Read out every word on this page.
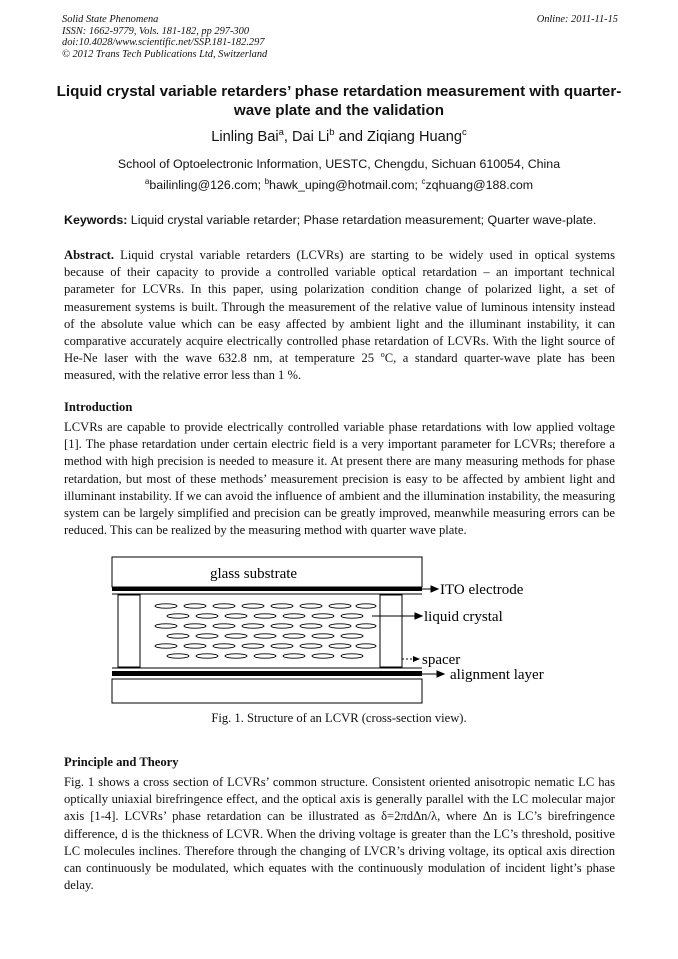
Solid State Phenomena
ISSN: 1662-9779, Vols. 181-182, pp 297-300
doi:10.4028/www.scientific.net/SSP.181-182.297
© 2012 Trans Tech Publications Ltd, Switzerland
Online: 2011-11-15
Liquid crystal variable retarders’ phase retardation measurement with quarter-wave plate and the validation
Linling Bai$^a$, Dai Li$^b$ and Ziqiang Huang$^c$
School of Optoelectronic Information, UESTC, Chengdu, Sichuan 610054, China
$^a$bailinling@126.com; $^b$hawk_uping@hotmail.com; $^c$zqhuang@188.com
Keywords: Liquid crystal variable retarder; Phase retardation measurement; Quarter wave-plate.
Abstract. Liquid crystal variable retarders (LCVRs) are starting to be widely used in optical systems because of their capacity to provide a controlled variable optical retardation – an important technical parameter for LCVRs. In this paper, using polarization condition change of polarized light, a set of measurement systems is built. Through the measurement of the relative value of luminous intensity instead of the absolute value which can be easy affected by ambient light and the illuminant instability, it can comparative accurately acquire electrically controlled phase retardation of LCVRs. With the light source of He-Ne laser with the wave 632.8 nm, at temperature 25 $^o$C, a standard quarter-wave plate has been measured, with the relative error less than 1 %.
Introduction
LCVRs are capable to provide electrically controlled variable phase retardations with low applied voltage [1]. The phase retardation under certain electric field is a very important parameter for LCVRs; therefore a method with high precision is needed to measure it. At present there are many measuring methods for phase retardation, but most of these methods’ measurement precision is easy to be affected by ambient light and illuminant instability. If we can avoid the influence of ambient and the illumination instability, the measuring system can be largely simplified and precision can be greatly improved, meanwhile measuring errors can be reduced. This can be realized by the measuring method with quarter wave plate.
glass substrate
ITO electrode
liquid crystal
spacer
alignment layer
Fig. 1. Structure of an LCVR (cross-section view).
Principle and Theory
Fig. 1 shows a cross section of LCVRs’ common structure. Consistent oriented anisotropic nematic LC has optically uniaxial birefringence effect, and the optical axis is generally parallel with the LC molecular major axis [1-4]. LCVRs’ phase retardation can be illustrated as δ=2πdΔn/λ, where Δn is LC’s birefringence difference, d is the thickness of LCVR. When the driving voltage is greater than the LC’s threshold, positive LC molecules inclines. Therefore through the changing of LVCR’s driving voltage, its optical axis direction can continuously be modulated, which equates with the continuously modulation of incident light’s phase delay.
